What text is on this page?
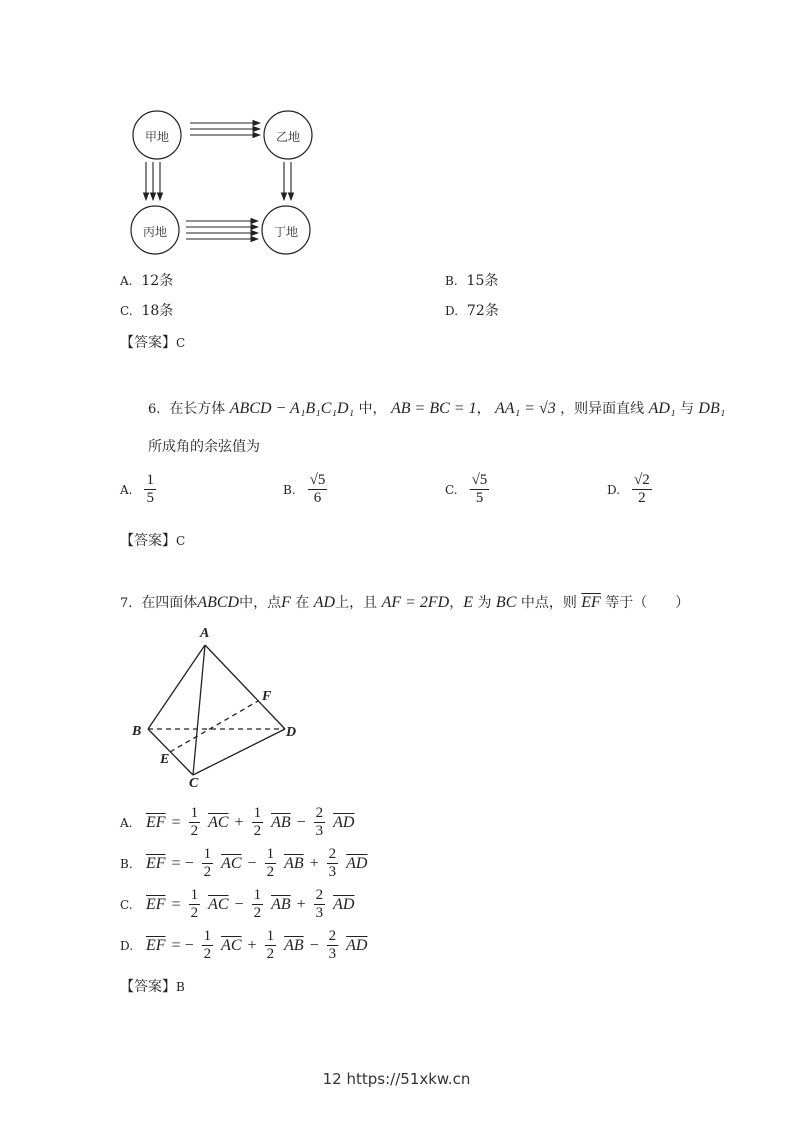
甲地	乙地
丙地	丁地
A. 12条	B. 15条
C. 18条	D. 72条
【答案】C
6. 在长方体 ABCD − A₁B₁C₁D₁ 中， AB = BC = 1， AA₁ = √3 ，则异面直线 AD₁ 与 DB₁
所成角的余弦值为
A. $\frac{1}{5}$	B. $\frac{√5}{6}$	C. $\frac{√5}{5}$	D. $\frac{√2}{2}$
【答案】C
7. 在四面体ABCD中，点F 在 AD上，且 AF = 2FD，E 为 BC 中点，则 $\overline{EF}$ 等于（　　）
A
B
C
D
E
F
A. $\overline{EF} = \frac{1}{2} \overline{AC} + \frac{1}{2} \overline{AB} - \frac{2}{3} \overline{AD}$
B. $\overline{EF}$ = − $\frac{1}{2} \overline{AC} - \frac{1}{2} \overline{AB} + \frac{2}{3} \overline{AD}$
C. $\overline{EF} = \frac{1}{2} \overline{AC} - \frac{1}{2} \overline{AB} + \frac{2}{3} \overline{AD}$
D. $\overline{EF}$ = − $\frac{1}{2} \overline{AC} + \frac{1}{2} \overline{AB} - \frac{2}{3} \overline{AD}$
【答案】B
12 https://51xkw.cn
